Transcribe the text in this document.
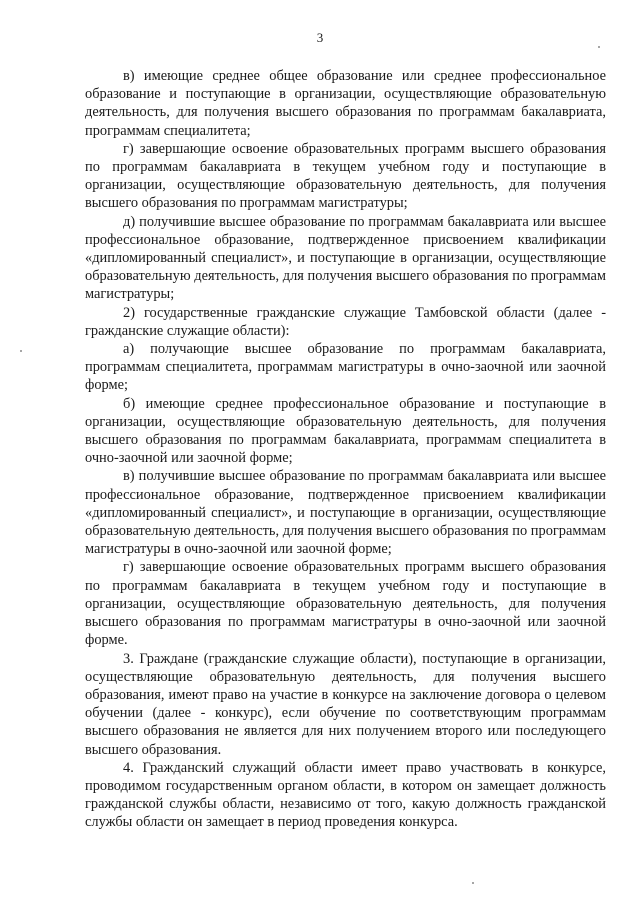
3

в) имеющие среднее общее образование или среднее профессиональное образование и поступающие в организации, осуществляющие образовательную деятельность, для получения высшего образования по программам бакалавриата, программам специалитета;

г) завершающие освоение образовательных программ высшего образования по программам бакалавриата в текущем учебном году и поступающие в организации, осуществляющие образовательную деятельность, для получения высшего образования по программам магистратуры;

д) получившие высшее образование по программам бакалавриата или высшее профессиональное образование, подтвержденное присвоением квалификации «дипломированный специалист», и поступающие в организации, осуществляющие образовательную деятельность, для получения высшего образования по программам магистратуры;

2) государственные гражданские служащие Тамбовской области (далее - гражданские служащие области):

а) получающие высшее образование по программам бакалавриата, программам специалитета, программам магистратуры в очно-заочной или заочной форме;

б) имеющие среднее профессиональное образование и поступающие в организации, осуществляющие образовательную деятельность, для получения высшего образования по программам бакалавриата, программам специалитета в очно-заочной или заочной форме;

в) получившие высшее образование по программам бакалавриата или высшее профессиональное образование, подтвержденное присвоением квалификации «дипломированный специалист», и поступающие в организации, осуществляющие образовательную деятельность, для получения высшего образования по программам магистратуры в очно-заочной или заочной форме;

г) завершающие освоение образовательных программ высшего образования по программам бакалавриата в текущем учебном году и поступающие в организации, осуществляющие образовательную деятельность, для получения высшего образования по программам магистратуры в очно-заочной или заочной форме.

3. Граждане (гражданские служащие области), поступающие в организации, осуществляющие образовательную деятельность, для получения высшего образования, имеют право на участие в конкурсе на заключение договора о целевом обучении (далее - конкурс), если обучение по соответствующим программам высшего образования не является для них получением второго или последующего высшего образования.

4. Гражданский служащий области имеет право участвовать в конкурсе, проводимом государственным органом области, в котором он замещает должность гражданской службы области, независимо от того, какую должность гражданской службы области он замещает в период проведения конкурса.
